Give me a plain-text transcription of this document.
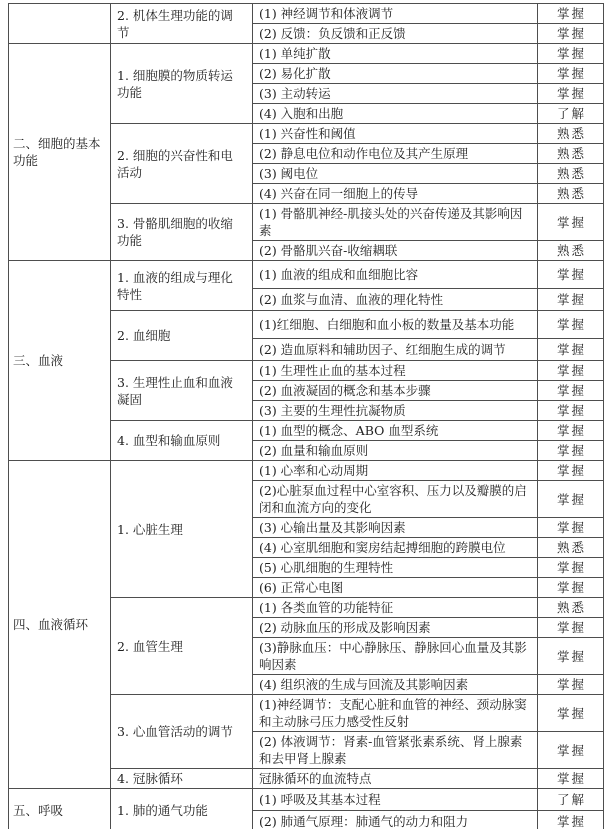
	2. 机体生理功能的调节	(1) 神经调节和体液调节	掌握
		(2) 反馈：负反馈和正反馈	掌握
二、细胞的基本功能	1. 细胞膜的物质转运功能	(1) 单纯扩散	掌握
		(2) 易化扩散	掌握
		(3) 主动转运	掌握
		(4) 入胞和出胞	了解
	2. 细胞的兴奋性和电活动	(1) 兴奋性和阈值	熟悉
		(2) 静息电位和动作电位及其产生原理	熟悉
		(3) 阈电位	熟悉
		(4) 兴奋在同一细胞上的传导	熟悉
	3. 骨骼肌细胞的收缩功能	(1) 骨骼肌神经-肌接头处的兴奋传递及其影响因素	掌握
		(2) 骨骼肌兴奋-收缩耦联	熟悉
三、血液	1. 血液的组成与理化特性	(1) 血液的组成和血细胞比容	掌握
		(2) 血浆与血清、血液的理化特性	掌握
	2. 血细胞	(1)红细胞、白细胞和血小板的数量及基本功能	掌握
		(2) 造血原料和辅助因子、红细胞生成的调节	掌握
	3. 生理性止血和血液凝固	(1) 生理性止血的基本过程	掌握
		(2) 血液凝固的概念和基本步骤	掌握
		(3) 主要的生理性抗凝物质	掌握
	4. 血型和输血原则	(1) 血型的概念、ABO 血型系统	掌握
		(2) 血量和输血原则	掌握
四、血液循环	1. 心脏生理	(1) 心率和心动周期	掌握
		(2)心脏泵血过程中心室容积、压力以及瓣膜的启闭和血流方向的变化	掌握
		(3) 心输出量及其影响因素	掌握
		(4) 心室肌细胞和窦房结起搏细胞的跨膜电位	熟悉
		(5) 心肌细胞的生理特性	掌握
		(6) 正常心电图	掌握
	2. 血管生理	(1) 各类血管的功能特征	熟悉
		(2) 动脉血压的形成及影响因素	掌握
		(3)静脉血压：中心静脉压、静脉回心血量及其影响因素	掌握
		(4) 组织液的生成与回流及其影响因素	掌握
	3. 心血管活动的调节	(1)神经调节：支配心脏和血管的神经、颈动脉窦和主动脉弓压力感受性反射	掌握
		(2) 体液调节：肾素-血管紧张素系统、肾上腺素和去甲肾上腺素	掌握
	4. 冠脉循环	冠脉循环的血流特点	掌握
五、呼吸	1. 肺的通气功能	(1) 呼吸及其基本过程	了解
		(2) 肺通气原理：肺通气的动力和阻力	掌握
